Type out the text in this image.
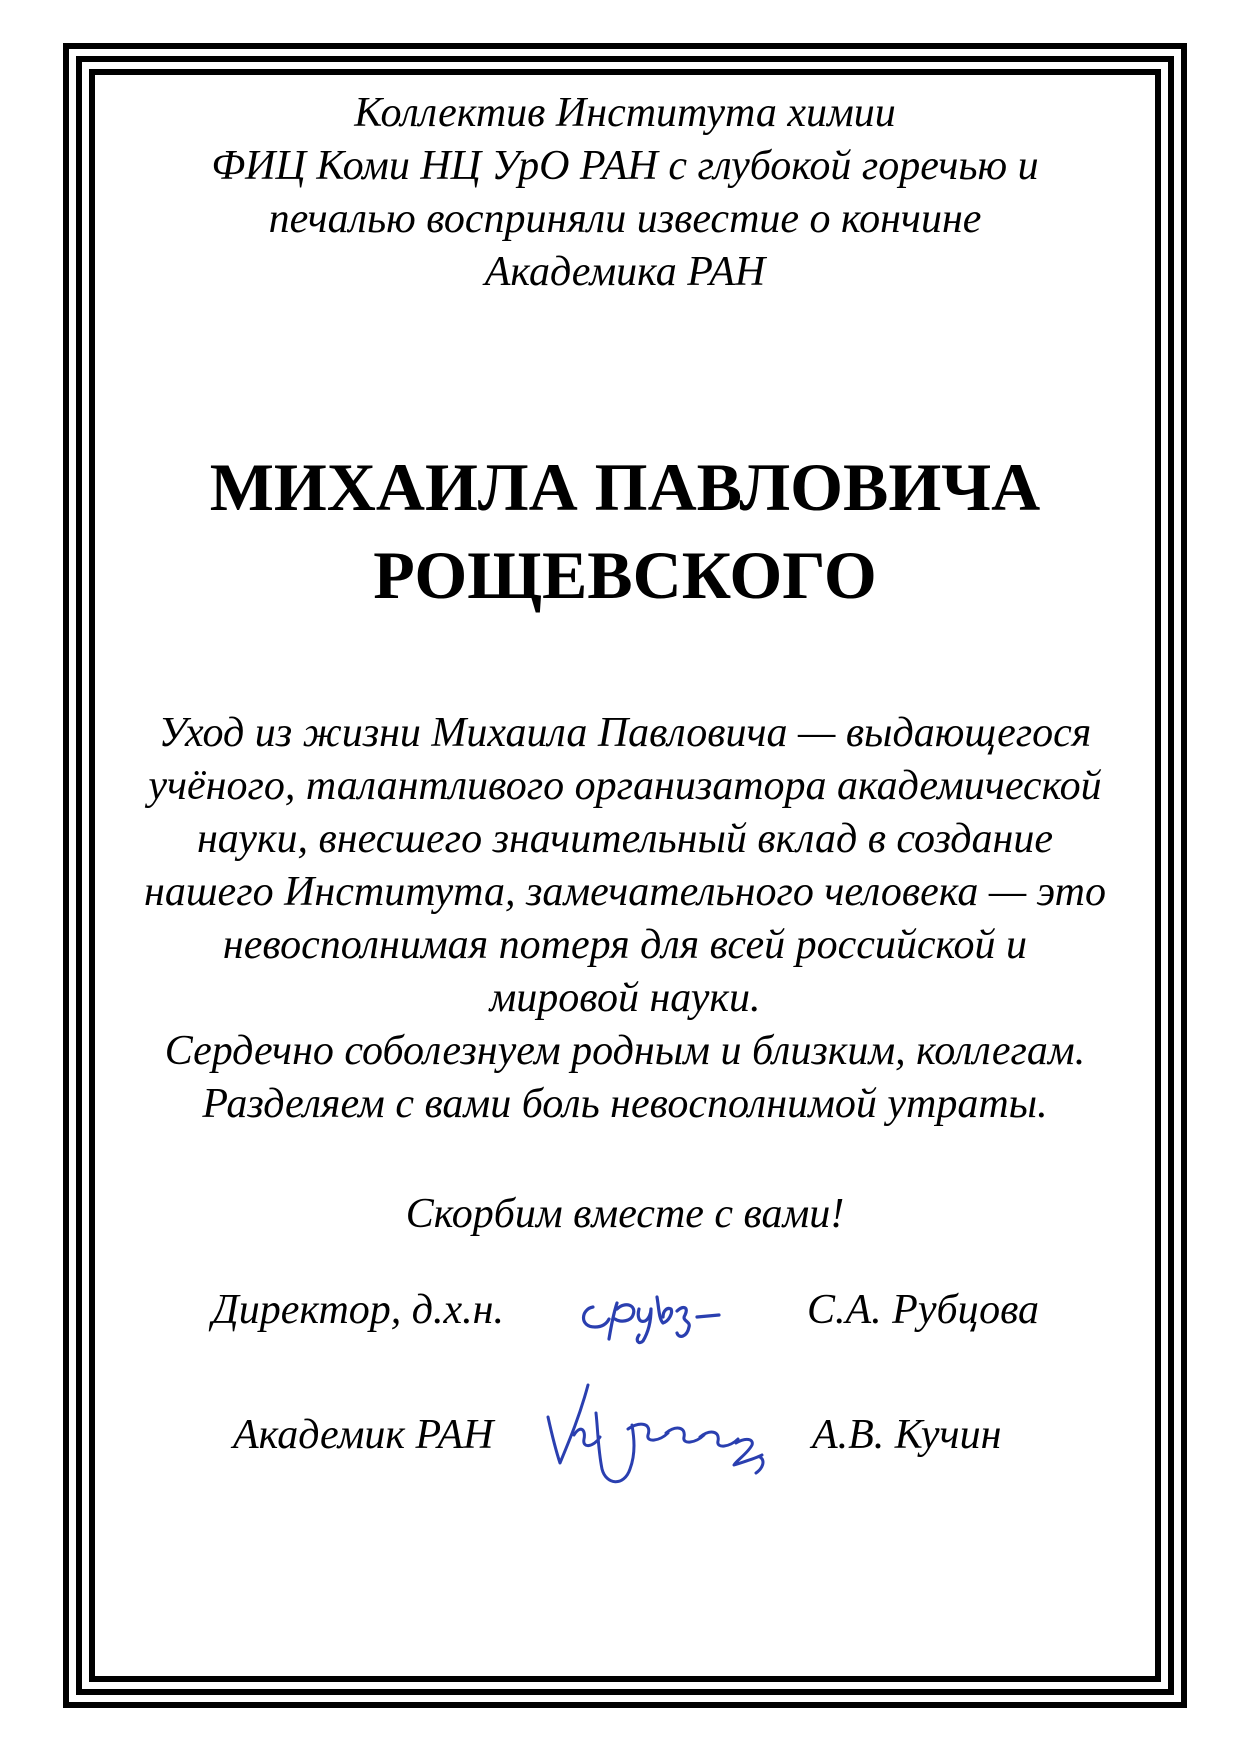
Коллектив Института химии
ФИЦ Коми НЦ УрО РАН с глубокой горечью и
печалью восприняли известие о кончине
Академика РАН
МИХАИЛА ПАВЛОВИЧА
РОЩЕВСКОГО
Уход из жизни Михаила Павловича — выдающегося
учёного, талантливого организатора академической
науки, внесшего значительный вклад в создание
нашего Института, замечательного человека — это
невосполнимая потеря для всей российской и
мировой науки.
Сердечно соболезнуем родным и близким, коллегам.
Разделяем с вами боль невосполнимой утраты.
Скорбим вместе с вами!
Директор, д.х.н.	С.А. Рубцова
Академик РАН	А.В. Кучин
